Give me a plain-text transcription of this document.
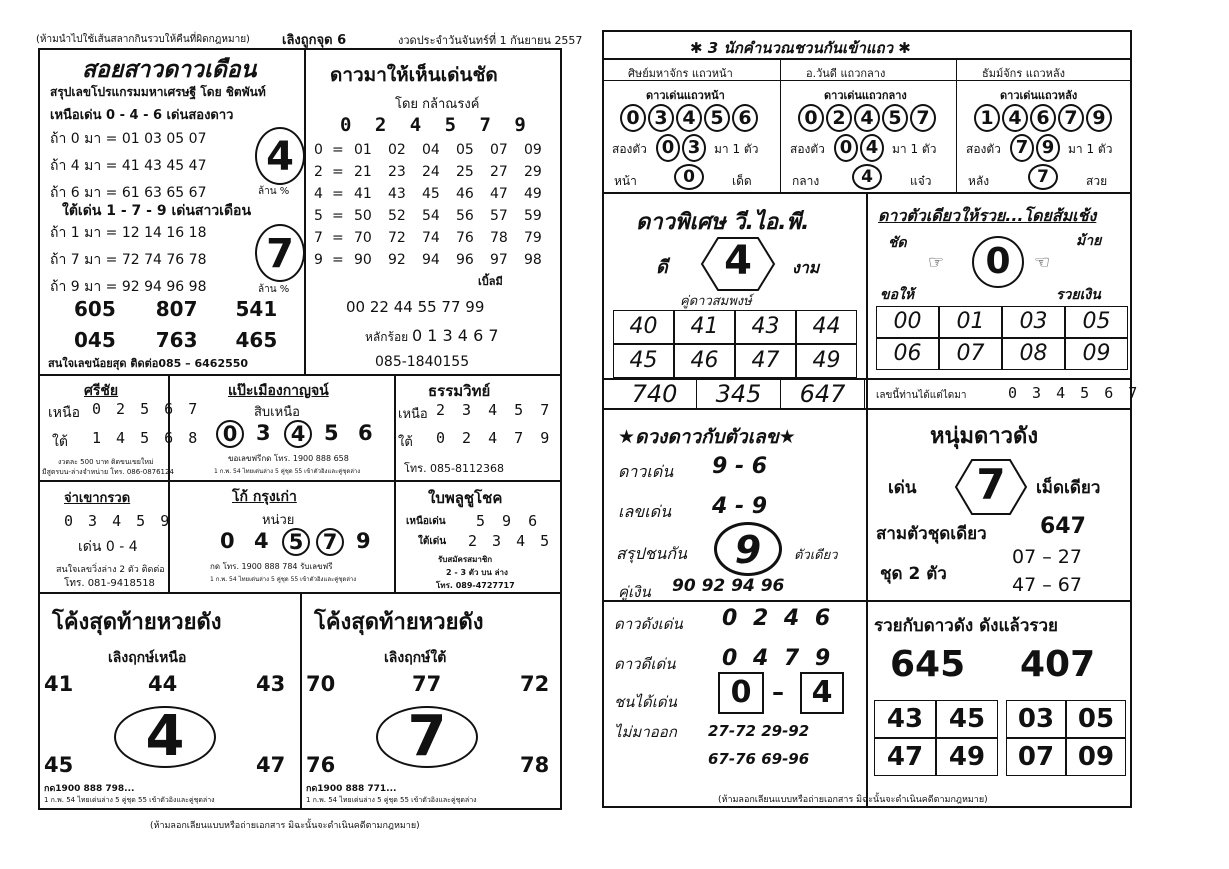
(ห้ามนำไปใช้เส้นสลากกินรวบให้คืนที่ผิดกฎหมาย) เลิงถูกจุด 6	งวดประจำวันจันทร์ที่ 1 กันยายน 2557
สอยสาวดาวเดือน
สรุปเลขโปรแกรมมหาเศรษฐี โดย ชิตพันท์
เหนือเด่น 0 - 4 - 6 เด่นสองดาว
ถ้า 0 มา = 01 03 05 07
ถ้า 4 มา = 41 43 45 47
ถ้า 6 มา = 61 63 65 67
ใต้เด่น 1 - 7 - 9 เด่นสาวเดือน
ถ้า 1 มา = 12 14 16 18
ถ้า 7 มา = 72 74 76 78
ถ้า 9 มา = 92 94 96 98
4
ล้าน %
7
ล้าน %
605 807 541
045 763 465
สนใจเลขน้อยสุด ติดต่อ085 – 6462550
ดาวมาให้เห็นเด่นชัด
โดย กล้าณรงค์
0 2 4 5 7 9
0 = 01 02 04 05 07 09
2 = 21 23 24 25 27 29
4 = 41 43 45 46 47 49
5 = 50 52 54 56 57 59
7 = 70 72 74 76 78 79
9 = 90 92 94 96 97 98
เบิ้ลมี
00 22 44 55 77 99
หลักร้อย 0 1 3 4 6 7
085-1840155
ศรีชัย
เหนือ 0 2 5 6 7
ใต้ 1 4 5 6 8
งวดละ 500 บาท ติดขนเขยใหม่
มีสูตรบน-ล่างจำหน่าย โทร. 086-0876124
แป๊ะเมืองกาญจน์
สิบเหนือ
0 3 4 5 6
ขอเลขฟรีกด โทร. 1900 888 658
1 ก.พ. 54 ไทยเด่นล่าง 5 คู่ชุด 55 เข้าตัวอิงและคู่ชุดล่าง
ธรรมวิทย์
เหนือ 2 3 4 5 7
ใต้ 0 2 4 7 9
โทร. 085-8112368
จ่าเขากรวด
0 3 4 5 9
เด่น 0 - 4
สนใจเลขวิ่งล่าง 2 ตัว ติดต่อ
โทร. 081-9418518
โก้ กรุงเก่า
หน่วย
0 4 5 7 9
กด โทร. 1900 888 784 รับเลขฟรี
1 ก.พ. 54 ไทยเด่นล่าง 5 คู่ชุด 55 เข้าตัวอิงและคู่ชุดล่าง
ใบพลูชูโชค
เหนือเด่น 5 9 6
ใต้เด่น 2 3 4 5
รับสมัครสมาชิก
2 - 3 ตัว บน ล่าง
โทร. 089-4727717
โค้งสุดท้ายหวยดัง
เลิงฤกษ์เหนือ
41	44	43
4
45	47
กด1900 888 798...
1 ก.พ. 54 ไทยเด่นล่าง 5 คู่ชุด 55 เข้าตัวอิงและคู่ชุดล่าง
โค้งสุดท้ายหวยดัง
เลิงฤกษ์ใต้
70	77	72
7
76	78
กด1900 888 771...
1 ก.พ. 54 ไทยเด่นล่าง 5 คู่ชุด 55 เข้าตัวอิงและคู่ชุดล่าง
(ห้ามลอกเลียนแบบหรือถ่ายเอกสาร มิฉะนั้นจะดำเนินคดีตามกฎหมาย)
✱ 3 นักคำนวณชวนกันเข้าแถว ✱
ศิษย์มหาจักร แถวหน้า
ดาวเด่นแถวหน้า
0 3 4 5 6
สองตัว 0 3	มา 1 ตัว
หน้า	0	เด็ด
อ.วันดี แถวกลาง
ดาวเด่นแถวกลาง
0 2 4 5 7
สองตัว 0 4	มา 1 ตัว
กลาง	4	แจ๋ว
ธัมม์จักร แถวหลัง
ดาวเด่นแถวหลัง
1 4 6 7 9
สองตัว 7 9	มา 1 ตัว
หลัง	7	สวย
ดาวพิเศษ วี.ไอ.พี.
ดี	4	งาม
คู่ดาวสมพงษ์
40	41	43	44
45	46	47	49
740	345	647
ดาวตัวเดียวให้รวย...โดยส้มเช้ง
ชัด	ม้าย
☞	0	☜
ขอให้	รวยเงิน
00	01	03	05
06	07	08	09
เลขนี้ท่านได้แต่ไดมา	0 3 4 5 6 7
★ดวงดาวกับตัวเลข★
ดาวเด่น 9 - 6
เลขเด่น 4 - 9
สรุปชนกัน	9	ตัวเดียว
คู่เงิน 90 92 94 96
หนุ่มดาวดัง
เด่น	7	เม็ดเดียว
สามตัวชุดเดียว 647
ชุด 2 ตัว
07 – 27
47 – 67
ดาวดังเด่น 0 2 4 6
ดาวดีเด่น 0 4 7 9
ชนได้เด่น	0 – 4
ไม่มาออก 27-72 29-92
67-76 69-96
รวยกับดาวดัง ดังแล้วรวย
645 407
43 45
47 49
03 05
07 09
(ห้ามลอกเลียนแบบหรือถ่ายเอกสาร มิฉะนั้นจะดำเนินคดีตามกฎหมาย)
